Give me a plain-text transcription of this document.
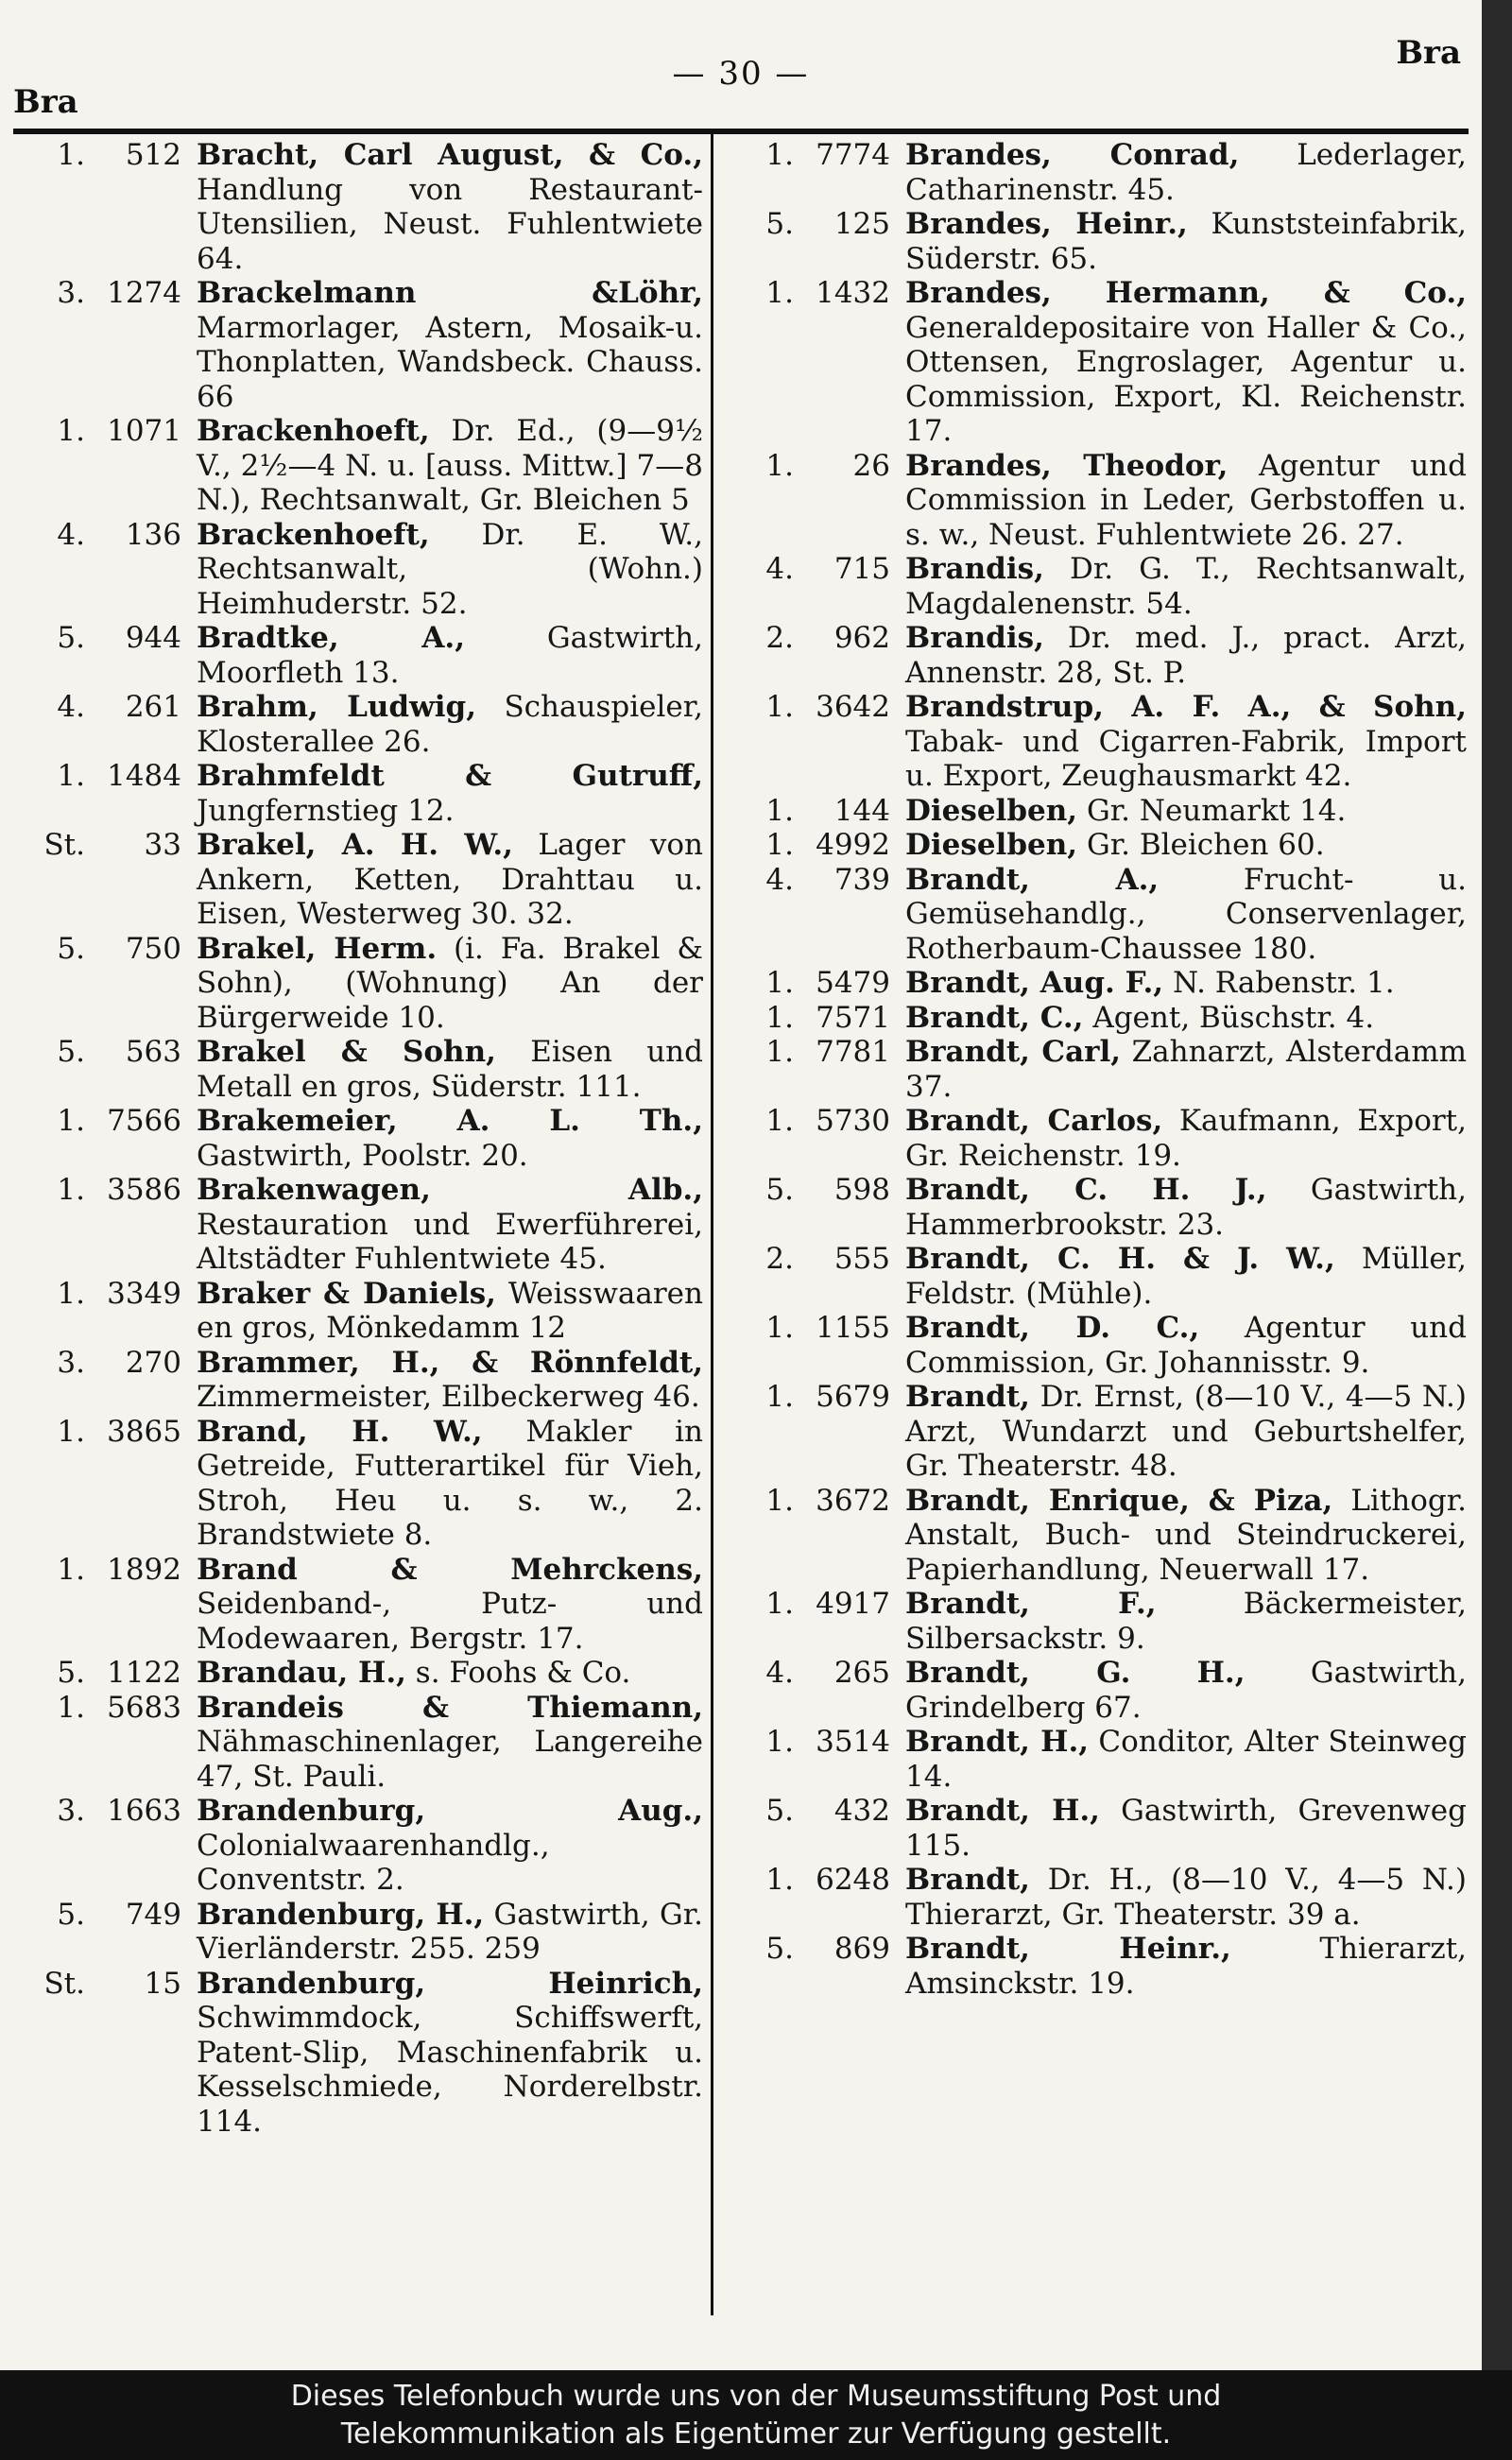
Bra
— 30 —
Bra
1. 512 Bracht, Carl August, & Co., Handlung von Restaurant-Utensilien, Neust. Fuhlentwiete 64.
3. 1274 Brackelmann &Löhr, Marmorlager, Astern, Mosaik-u. Thonplatten, Wandsbeck. Chauss. 66
1. 1071 Brackenhoeft, Dr. Ed., (9—9½ V., 2½—4 N. u. [auss. Mittw.] 7—8 N.), Rechtsanwalt, Gr. Bleichen 5
4. 136 Brackenhoeft, Dr. E. W., Rechtsanwalt, (Wohn.) Heimhuderstr. 52.
5. 944 Bradtke, A.,	Gastwirth, Moorfleth 13.
4. 261 Brahm, Ludwig, Schauspieler, Klosterallee 26.
1. 1484 Brahmfeldt & Gutruff, Jungfernstieg 12.
St. 33 Brakel, A. H. W., Lager von Ankern, Ketten, Drahttau u. Eisen, Westerweg 30. 32.
5. 750 Brakel, Herm. (i. Fa. Brakel & Sohn), (Wohnung) An der Bürgerweide 10.
5. 563 Brakel & Sohn, Eisen und Metall en gros, Süderstr. 111.
1. 7566 Brakemeier, A. L. Th., Gastwirth, Poolstr. 20.
1. 3586 Brakenwagen, Alb., Restauration und Ewerführerei, Altstädter Fuhlentwiete 45.
1. 3349 Braker & Daniels, Weisswaaren en gros, Mönkedamm 12
3. 270 Brammer, H., & Rönnfeldt, Zimmermeister, Eilbeckerweg 46.
1. 3865 Brand, H. W., Makler in Getreide, Futterartikel für Vieh, Stroh, Heu u. s. w., 2. Brandstwiete 8.
1. 1892 Brand & Mehrckens, Seidenband-, Putz- und Modewaaren, Bergstr. 17.
5. 1122 Brandau, H., s. Foohs & Co.
1. 5683 Brandeis & Thiemann, Nähmaschinenlager, Langereihe 47, St. Pauli.
3. 1663 Brandenburg, Aug., Colonialwaarenhandlg., Conventstr. 2.
5. 749 Brandenburg, H., Gastwirth, Gr. Vierländerstr. 255. 259
St. 15 Brandenburg, Heinrich, Schwimmdock, Schiffswerft, Patent-Slip, Maschinenfabrik u. Kesselschmiede, Norderelbstr. 114.
1. 7774 Brandes, Conrad, Lederlager, Catharinenstr. 45.
5. 125 Brandes, Heinr., Kunststeinfabrik, Süderstr. 65.
1. 1432 Brandes, Hermann, & Co., Generaldepositaire von Haller & Co., Ottensen, Engroslager, Agentur u. Commission, Export, Kl. Reichenstr. 17.
1. 26 Brandes, Theodor, Agentur und Commission in Leder, Gerbstoffen u. s. w., Neust. Fuhlentwiete 26. 27.
4. 715 Brandis, Dr. G. T., Rechtsanwalt, Magdalenenstr. 54.
2. 962 Brandis, Dr. med. J., pract. Arzt, Annenstr. 28, St. P.
1. 3642 Brandstrup, A. F. A., & Sohn, Tabak- und Cigarren-Fabrik, Import u. Export, Zeughausmarkt 42.
1. 144 Dieselben, Gr. Neumarkt 14.
1. 4992 Dieselben, Gr. Bleichen 60.
4. 739 Brandt, A.,	Frucht- u. Gemüsehandlg., Conservenlager, Rotherbaum-Chaussee 180.
1. 5479 Brandt, Aug. F., N. Rabenstr. 1.
1. 7571 Brandt, C., Agent, Büschstr. 4.
1. 7781 Brandt, Carl, Zahnarzt, Alsterdamm 37.
1. 5730 Brandt, Carlos, Kaufmann, Export, Gr. Reichenstr. 19.
5. 598 Brandt, C. H. J., Gastwirth, Hammerbrookstr. 23.
2. 555 Brandt, C. H. & J. W., Müller, Feldstr. (Mühle).
1. 1155 Brandt, D. C., Agentur und Commission, Gr. Johannisstr. 9.
1. 5679 Brandt, Dr. Ernst, (8—10 V., 4—5 N.) Arzt, Wundarzt und Geburtshelfer, Gr. Theaterstr. 48.
1. 3672 Brandt, Enrique, & Piza, Lithogr. Anstalt, Buch- und Steindruckerei, Papierhandlung, Neuerwall 17.
1. 4917 Brandt, F.,	Bäckermeister, Silbersackstr. 9.
4. 265 Brandt, G. H., Gastwirth, Grindelberg 67.
1. 3514 Brandt, H., Conditor, Alter Steinweg 14.
5. 432 Brandt, H., Gastwirth, Grevenweg 115.
1. 6248 Brandt, Dr. H., (8—10 V., 4—5 N.) Thierarzt, Gr. Theaterstr. 39 a.
5. 869 Brandt, Heinr.,	Thierarzt, Amsinckstr. 19.
Dieses Telefonbuch wurde uns von der Museumsstiftung Post und
Telekommunikation als Eigentümer zur Verfügung gestellt.
